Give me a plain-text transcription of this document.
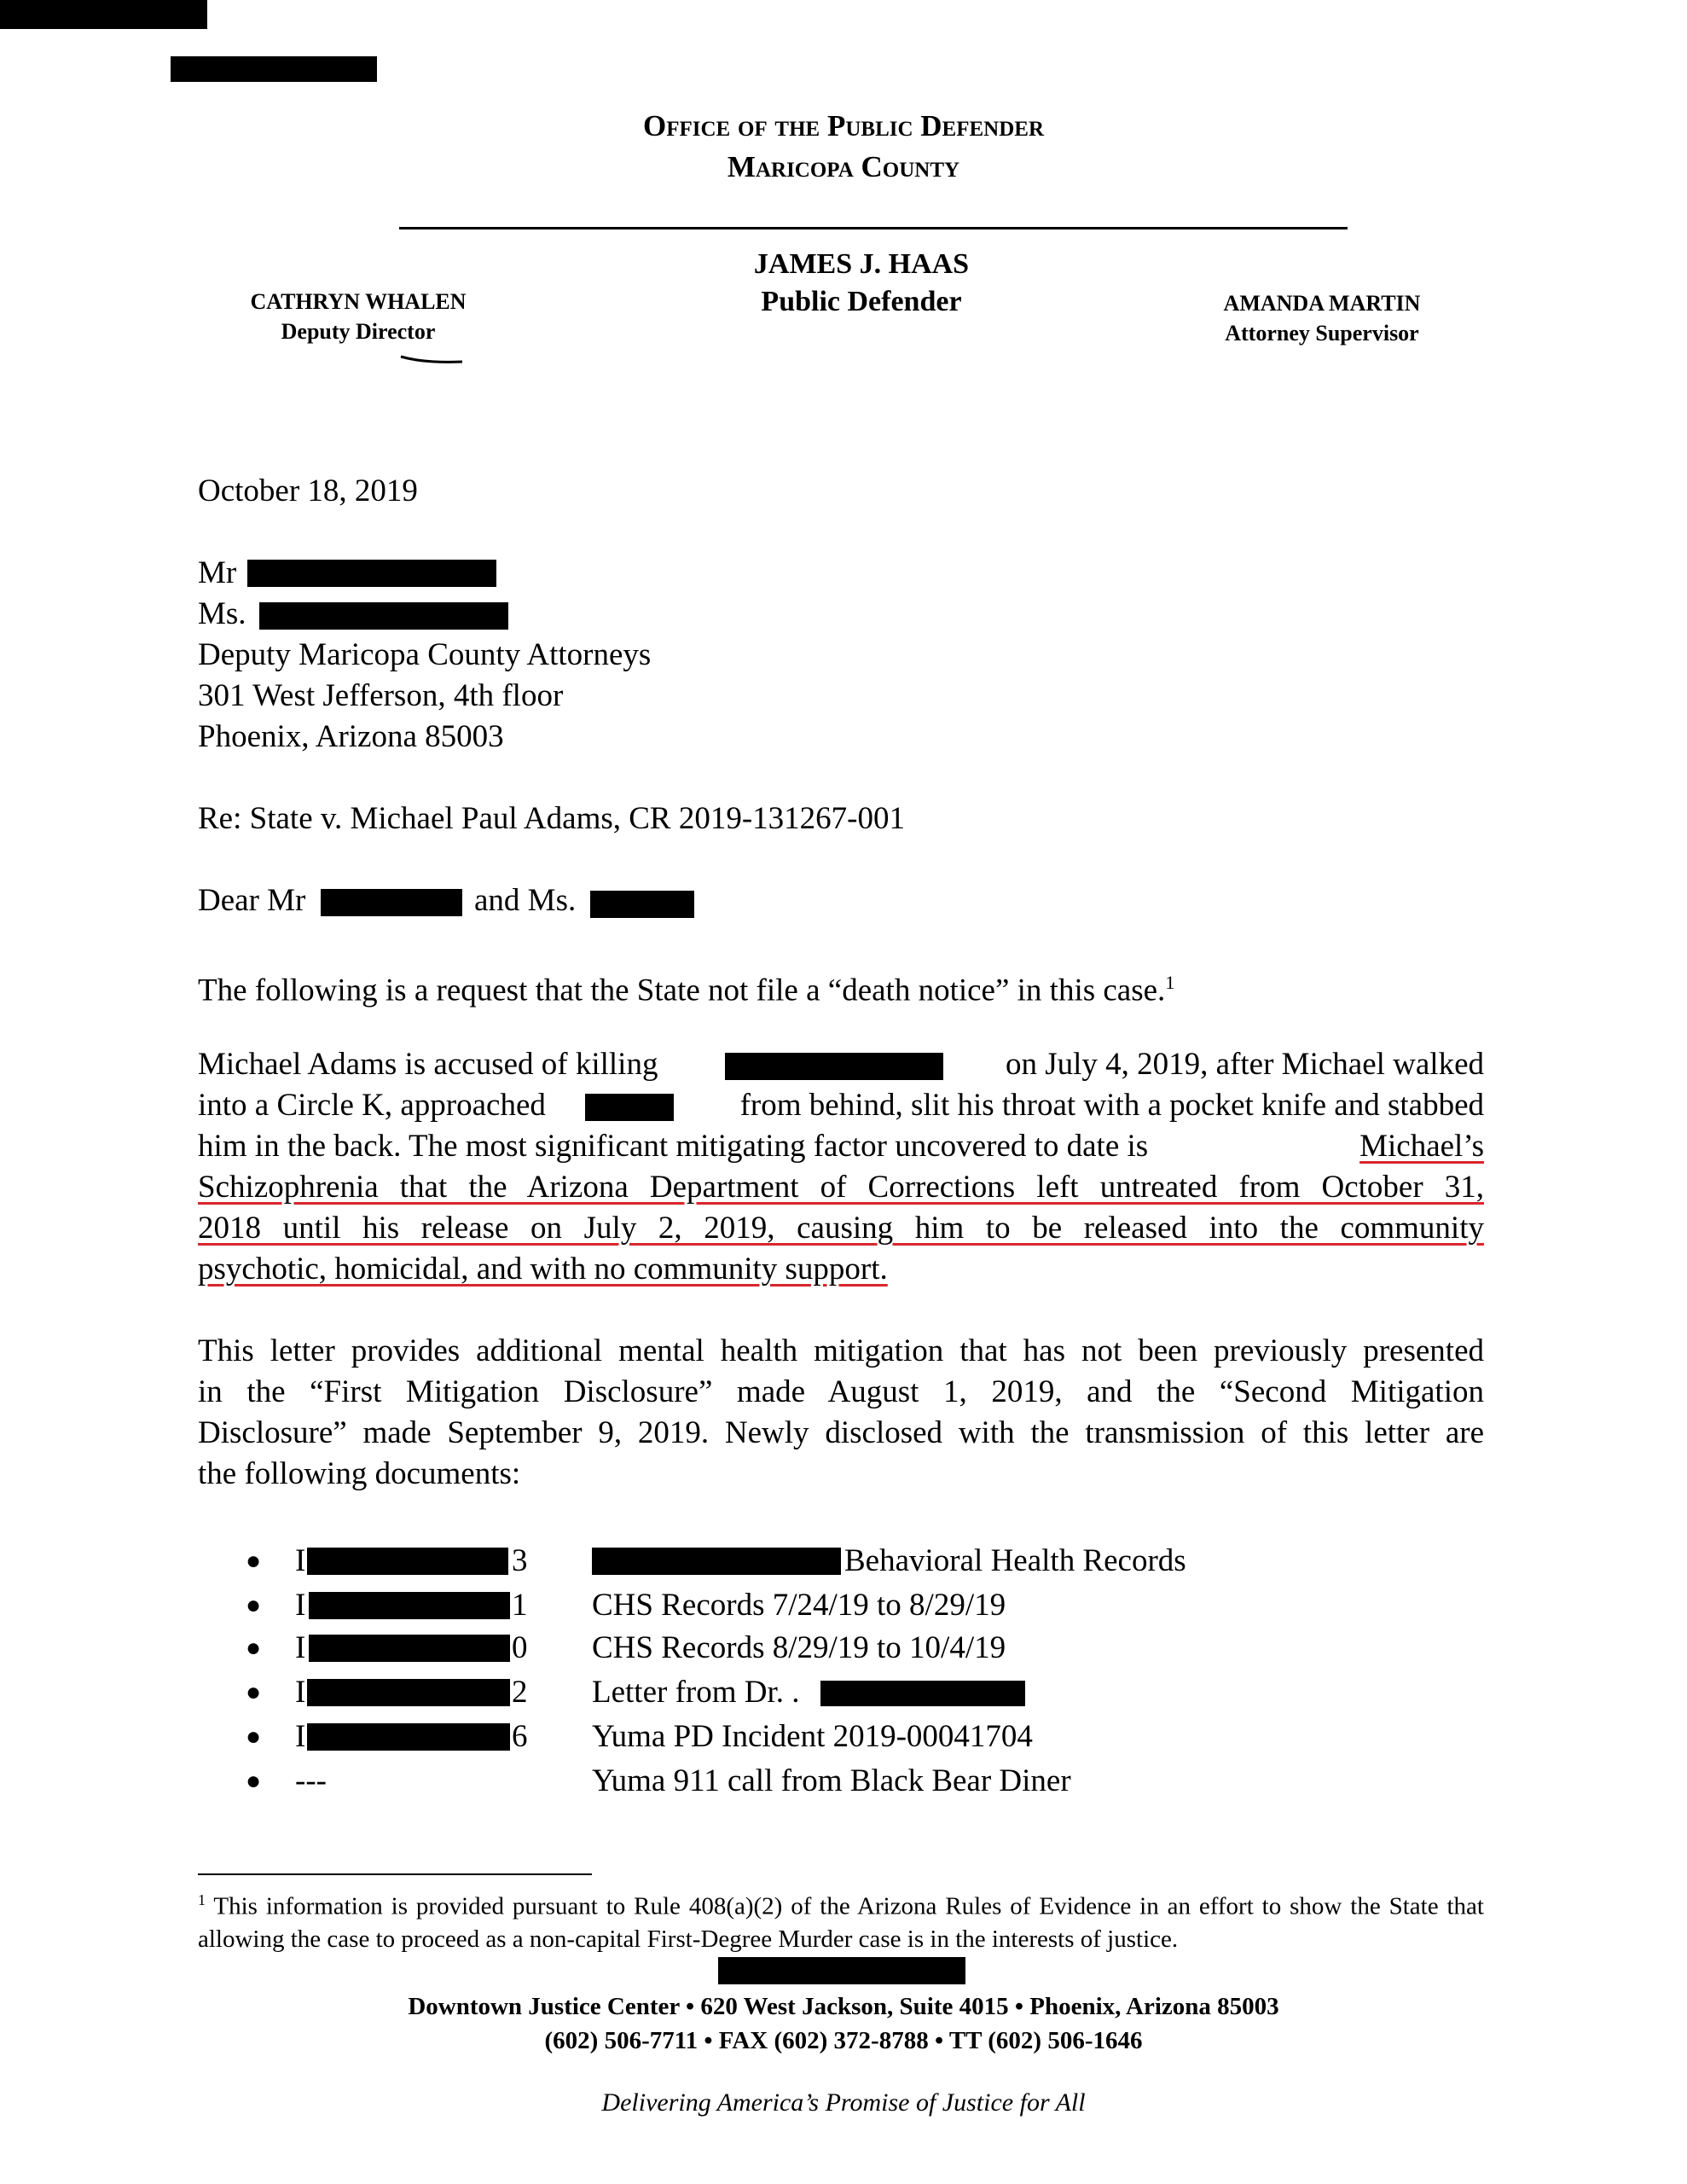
Office of the Public Defender
Maricopa County
JAMES J. HAAS
Public Defender
CATHRYN WHALEN
Deputy Director
AMANDA MARTIN
Attorney Supervisor
October 18, 2019
Mr
Ms.
Deputy Maricopa County Attorneys
301 West Jefferson, 4th floor
Phoenix, Arizona 85003
Re: State v. Michael Paul Adams, CR 2019-131267-001
Dear Mr	and Ms.
The following is a request that the State not file a “death notice” in this case.$^1$
Michael Adams is accused of killing	on July 4, 2019, after Michael walked
into a Circle K, approached	from behind, slit his throat with a pocket knife and stabbed
him in the back. The most significant mitigating factor uncovered to date is	Michael’s
Schizophrenia that the Arizona Department of Corrections left untreated from October 31,
2018 until his release on July 2, 2019, causing him to be released into the community
psychotic, homicidal, and with no community support.
This letter provides additional mental health mitigation that has not been previously presented
in the “First Mitigation Disclosure” made August 1, 2019, and the “Second Mitigation
Disclosure” made September 9, 2019. Newly disclosed with the transmission of this letter are
the following documents:
● I	3	Behavioral Health Records
● I	1 CHS Records 7/24/19 to 8/29/19
● I	0 CHS Records 8/29/19 to 10/4/19
● I	2 Letter from Dr. .
● I	6 Yuma PD Incident 2019-00041704
● ---	Yuma 911 call from Black Bear Diner
$^1$ This information is provided pursuant to Rule 408(a)(2) of the Arizona Rules of Evidence in an effort to show the State that allowing the case to proceed as a non-capital First-Degree Murder case is in the interests of justice.
Downtown Justice Center • 620 West Jackson, Suite 4015 • Phoenix, Arizona 85003
(602) 506-7711 • FAX (602) 372-8788 • TT (602) 506-1646
Delivering America’s Promise of Justice for All
